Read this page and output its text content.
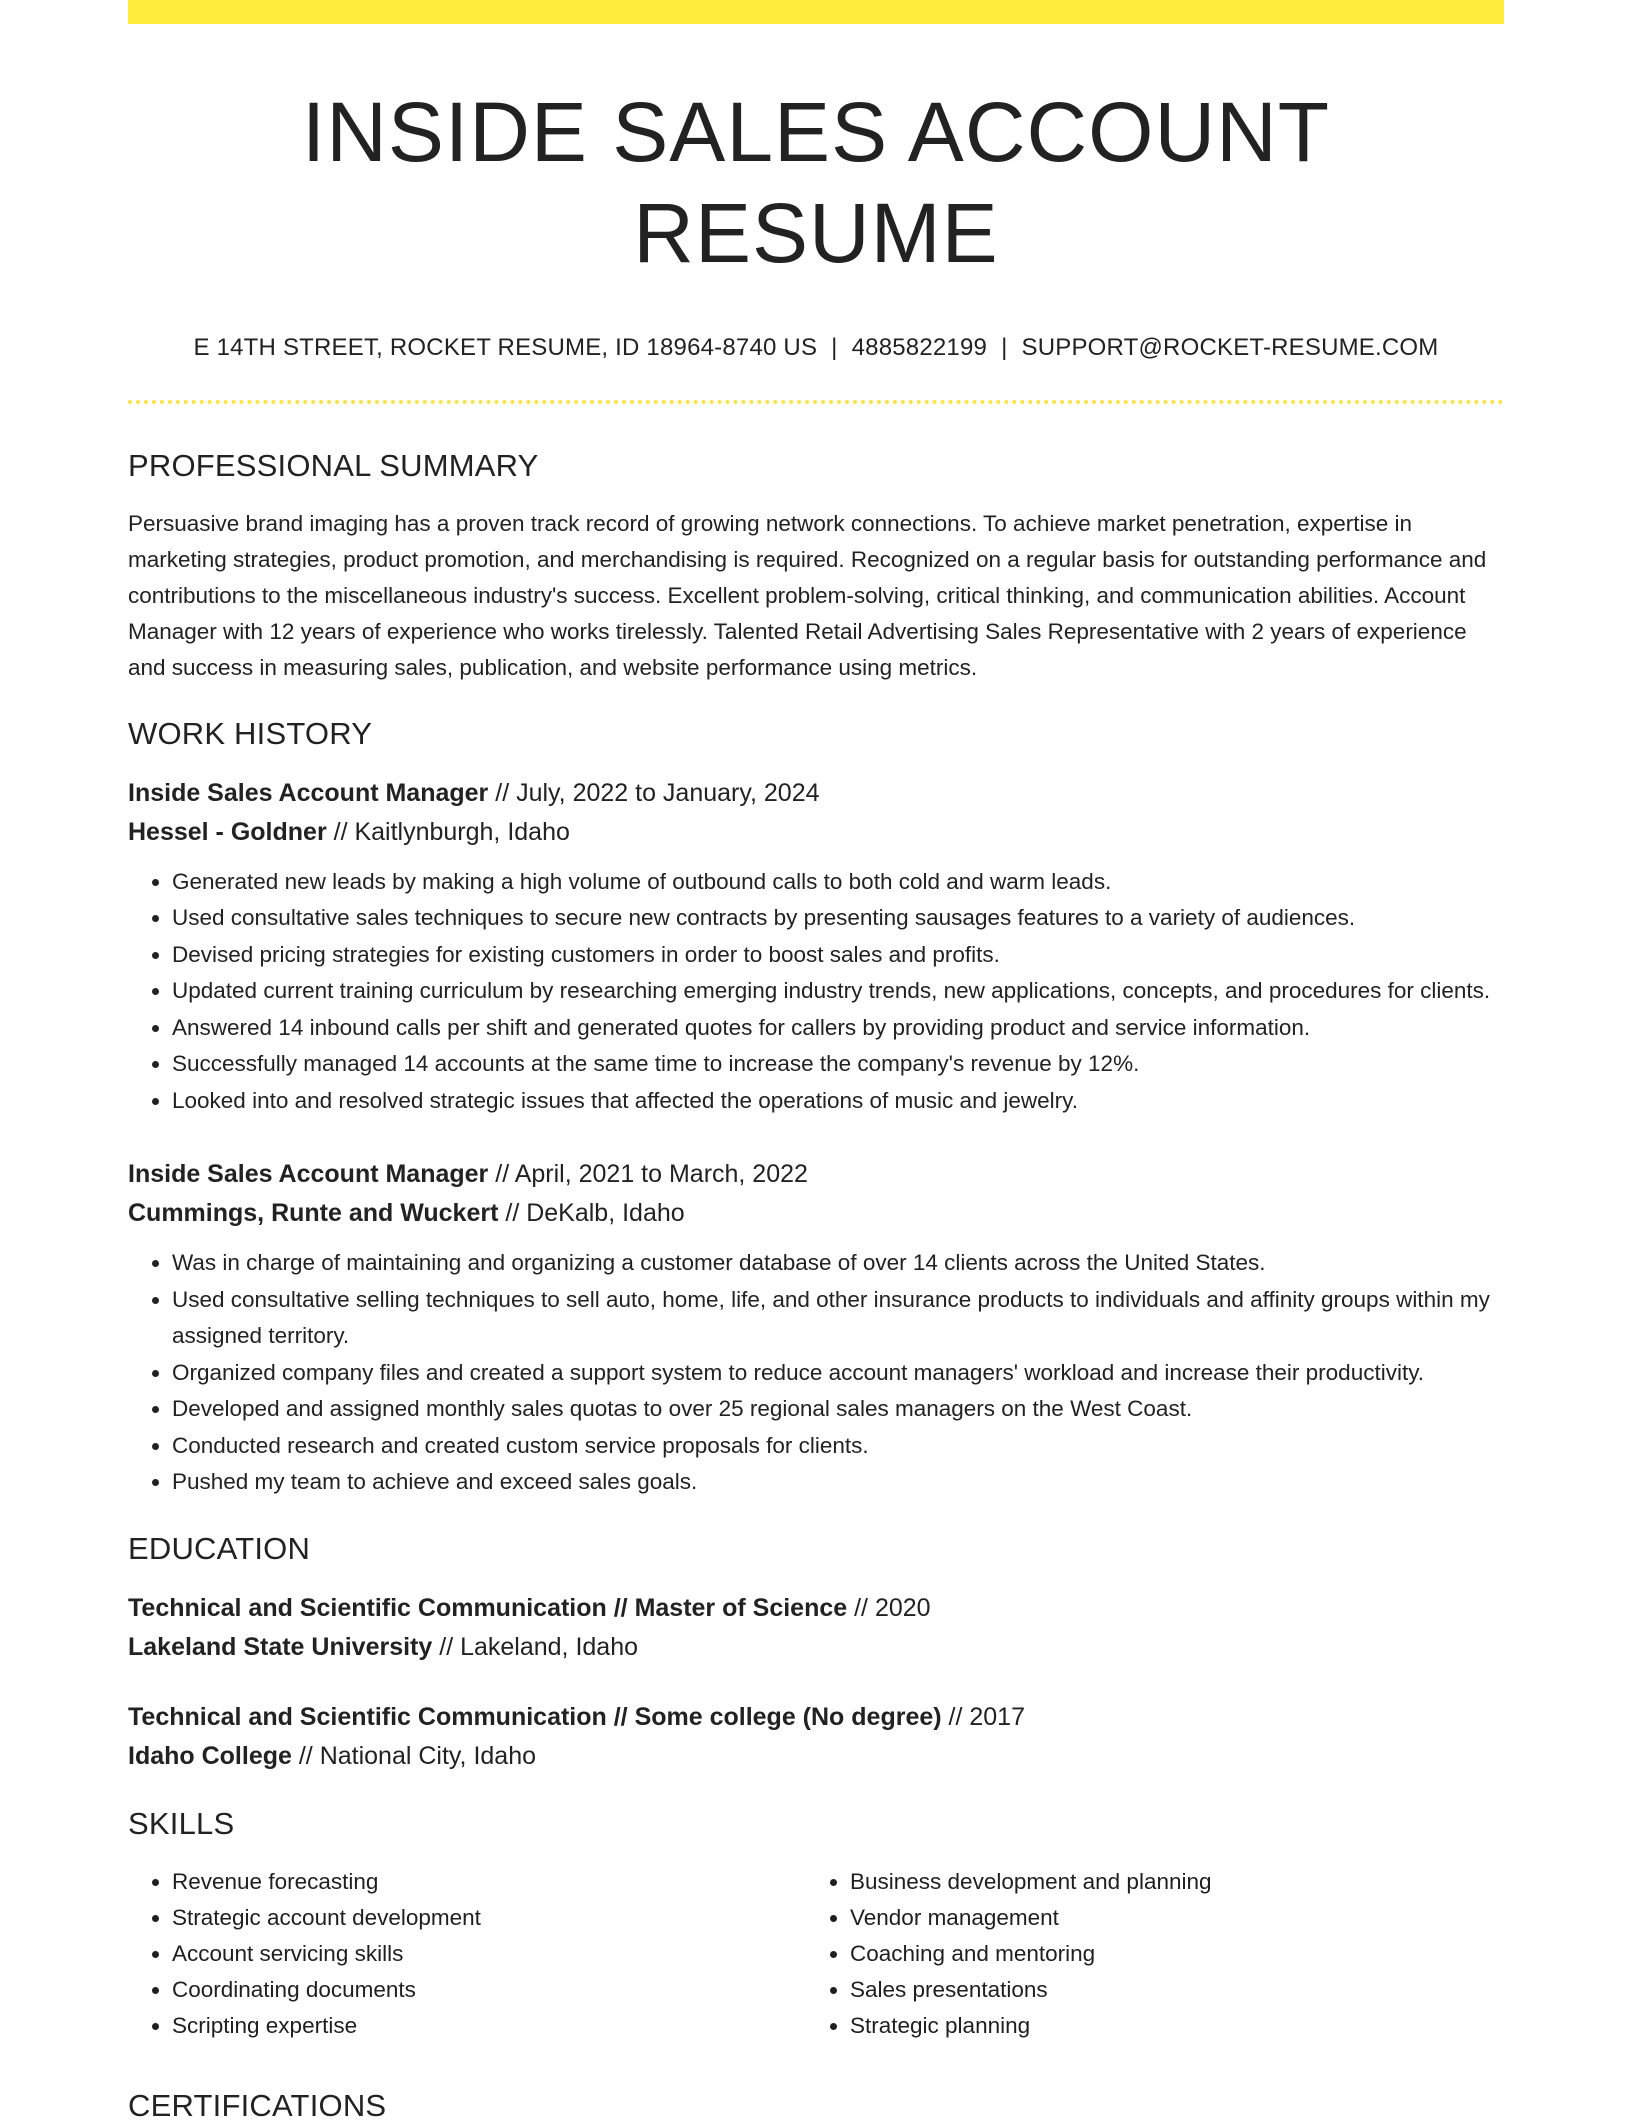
INSIDE SALES ACCOUNT RESUME
E 14TH STREET, ROCKET RESUME, ID 18964-8740 US | 4885822199 | SUPPORT@ROCKET-RESUME.COM
PROFESSIONAL SUMMARY

Persuasive brand imaging has a proven track record of growing network connections. To achieve market penetration, expertise in marketing strategies, product promotion, and merchandising is required. Recognized on a regular basis for outstanding performance and contributions to the miscellaneous industry's success. Excellent problem-solving, critical thinking, and communication abilities. Account Manager with 12 years of experience who works tirelessly. Talented Retail Advertising Sales Representative with 2 years of experience and success in measuring sales, publication, and website performance using metrics.

WORK HISTORY
Inside Sales Account Manager // July, 2022 to January, 2024
Hessel - Goldner // Kaitlynburgh, Idaho
• Generated new leads by making a high volume of outbound calls to both cold and warm leads.
• Used consultative sales techniques to secure new contracts by presenting sausages features to a variety of audiences.
• Devised pricing strategies for existing customers in order to boost sales and profits.
• Updated current training curriculum by researching emerging industry trends, new applications, concepts, and procedures for clients.
• Answered 14 inbound calls per shift and generated quotes for callers by providing product and service information.
• Successfully managed 14 accounts at the same time to increase the company's revenue by 12%.
• Looked into and resolved strategic issues that affected the operations of music and jewelry.
Inside Sales Account Manager // April, 2021 to March, 2022
Cummings, Runte and Wuckert // DeKalb, Idaho
• Was in charge of maintaining and organizing a customer database of over 14 clients across the United States.
• Used consultative selling techniques to sell auto, home, life, and other insurance products to individuals and affinity groups within my assigned territory.
• Organized company files and created a support system to reduce account managers' workload and increase their productivity.
• Developed and assigned monthly sales quotas to over 25 regional sales managers on the West Coast.
• Conducted research and created custom service proposals for clients.
• Pushed my team to achieve and exceed sales goals.
EDUCATION
Technical and Scientific Communication // Master of Science // 2020
Lakeland State University // Lakeland, Idaho
Technical and Scientific Communication // Some college (No degree) // 2017
Idaho College // National City, Idaho
SKILLS
• Revenue forecasting
• Strategic account development
• Account servicing skills
• Coordinating documents
• Scripting expertise
• Business development and planning
• Vendor management
• Coaching and mentoring
• Sales presentations
• Strategic planning
CERTIFICATIONS
